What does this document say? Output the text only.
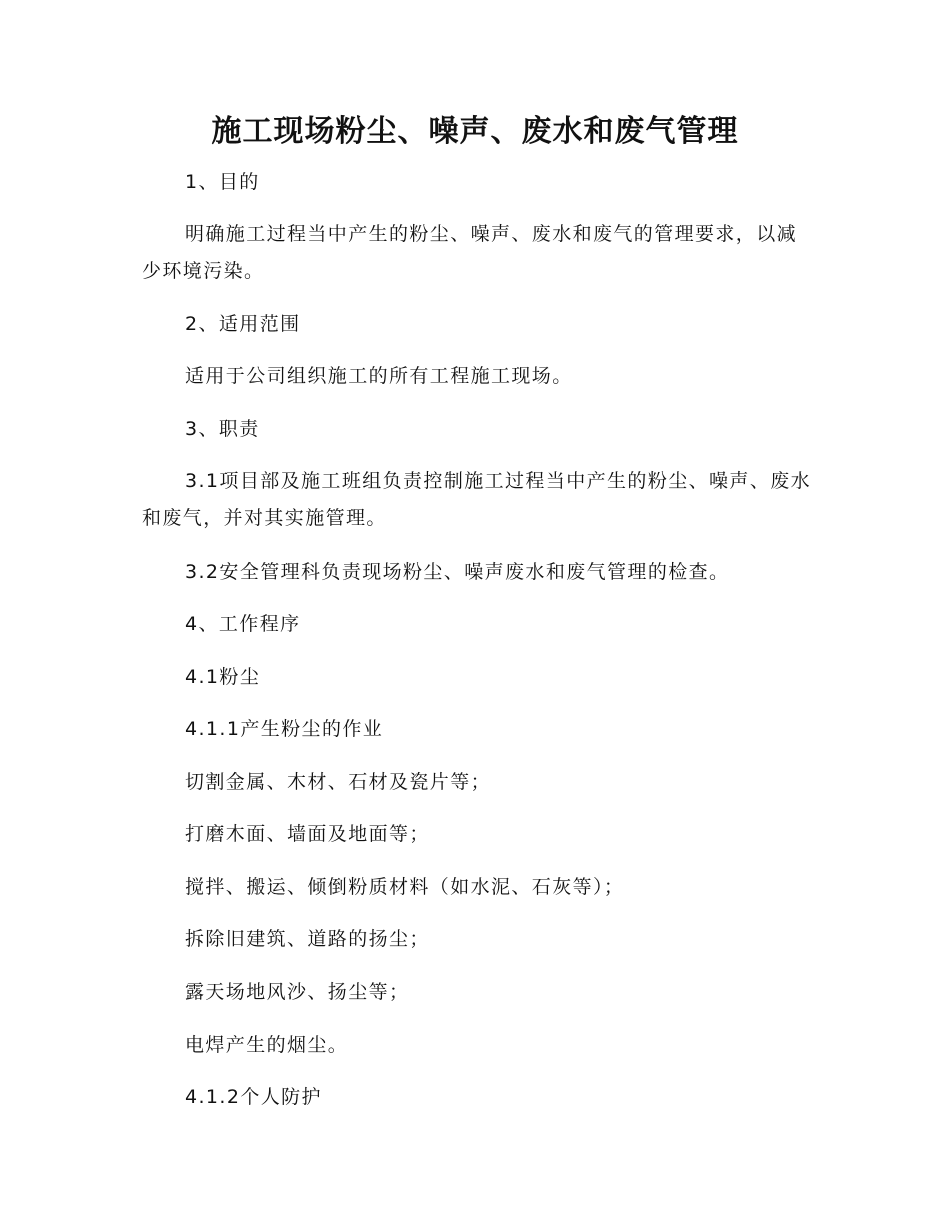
施工现场粉尘、噪声、废水和废气管理

1、目的

明确施工过程当中产生的粉尘、噪声、废水和废气的管理要求，以减少环境污染。

2、适用范围

适用于公司组织施工的所有工程施工现场。

3、职责

3.1项目部及施工班组负责控制施工过程当中产生的粉尘、噪声、废水和废气，并对其实施管理。

3.2安全管理科负责现场粉尘、噪声废水和废气管理的检查。

4、工作程序

4.1粉尘

4.1.1产生粉尘的作业

切割金属、木材、石材及瓷片等；

打磨木面、墙面及地面等；

搅拌、搬运、倾倒粉质材料（如水泥、石灰等）；

拆除旧建筑、道路的扬尘；

露天场地风沙、扬尘等；

电焊产生的烟尘。

4.1.2个人防护
